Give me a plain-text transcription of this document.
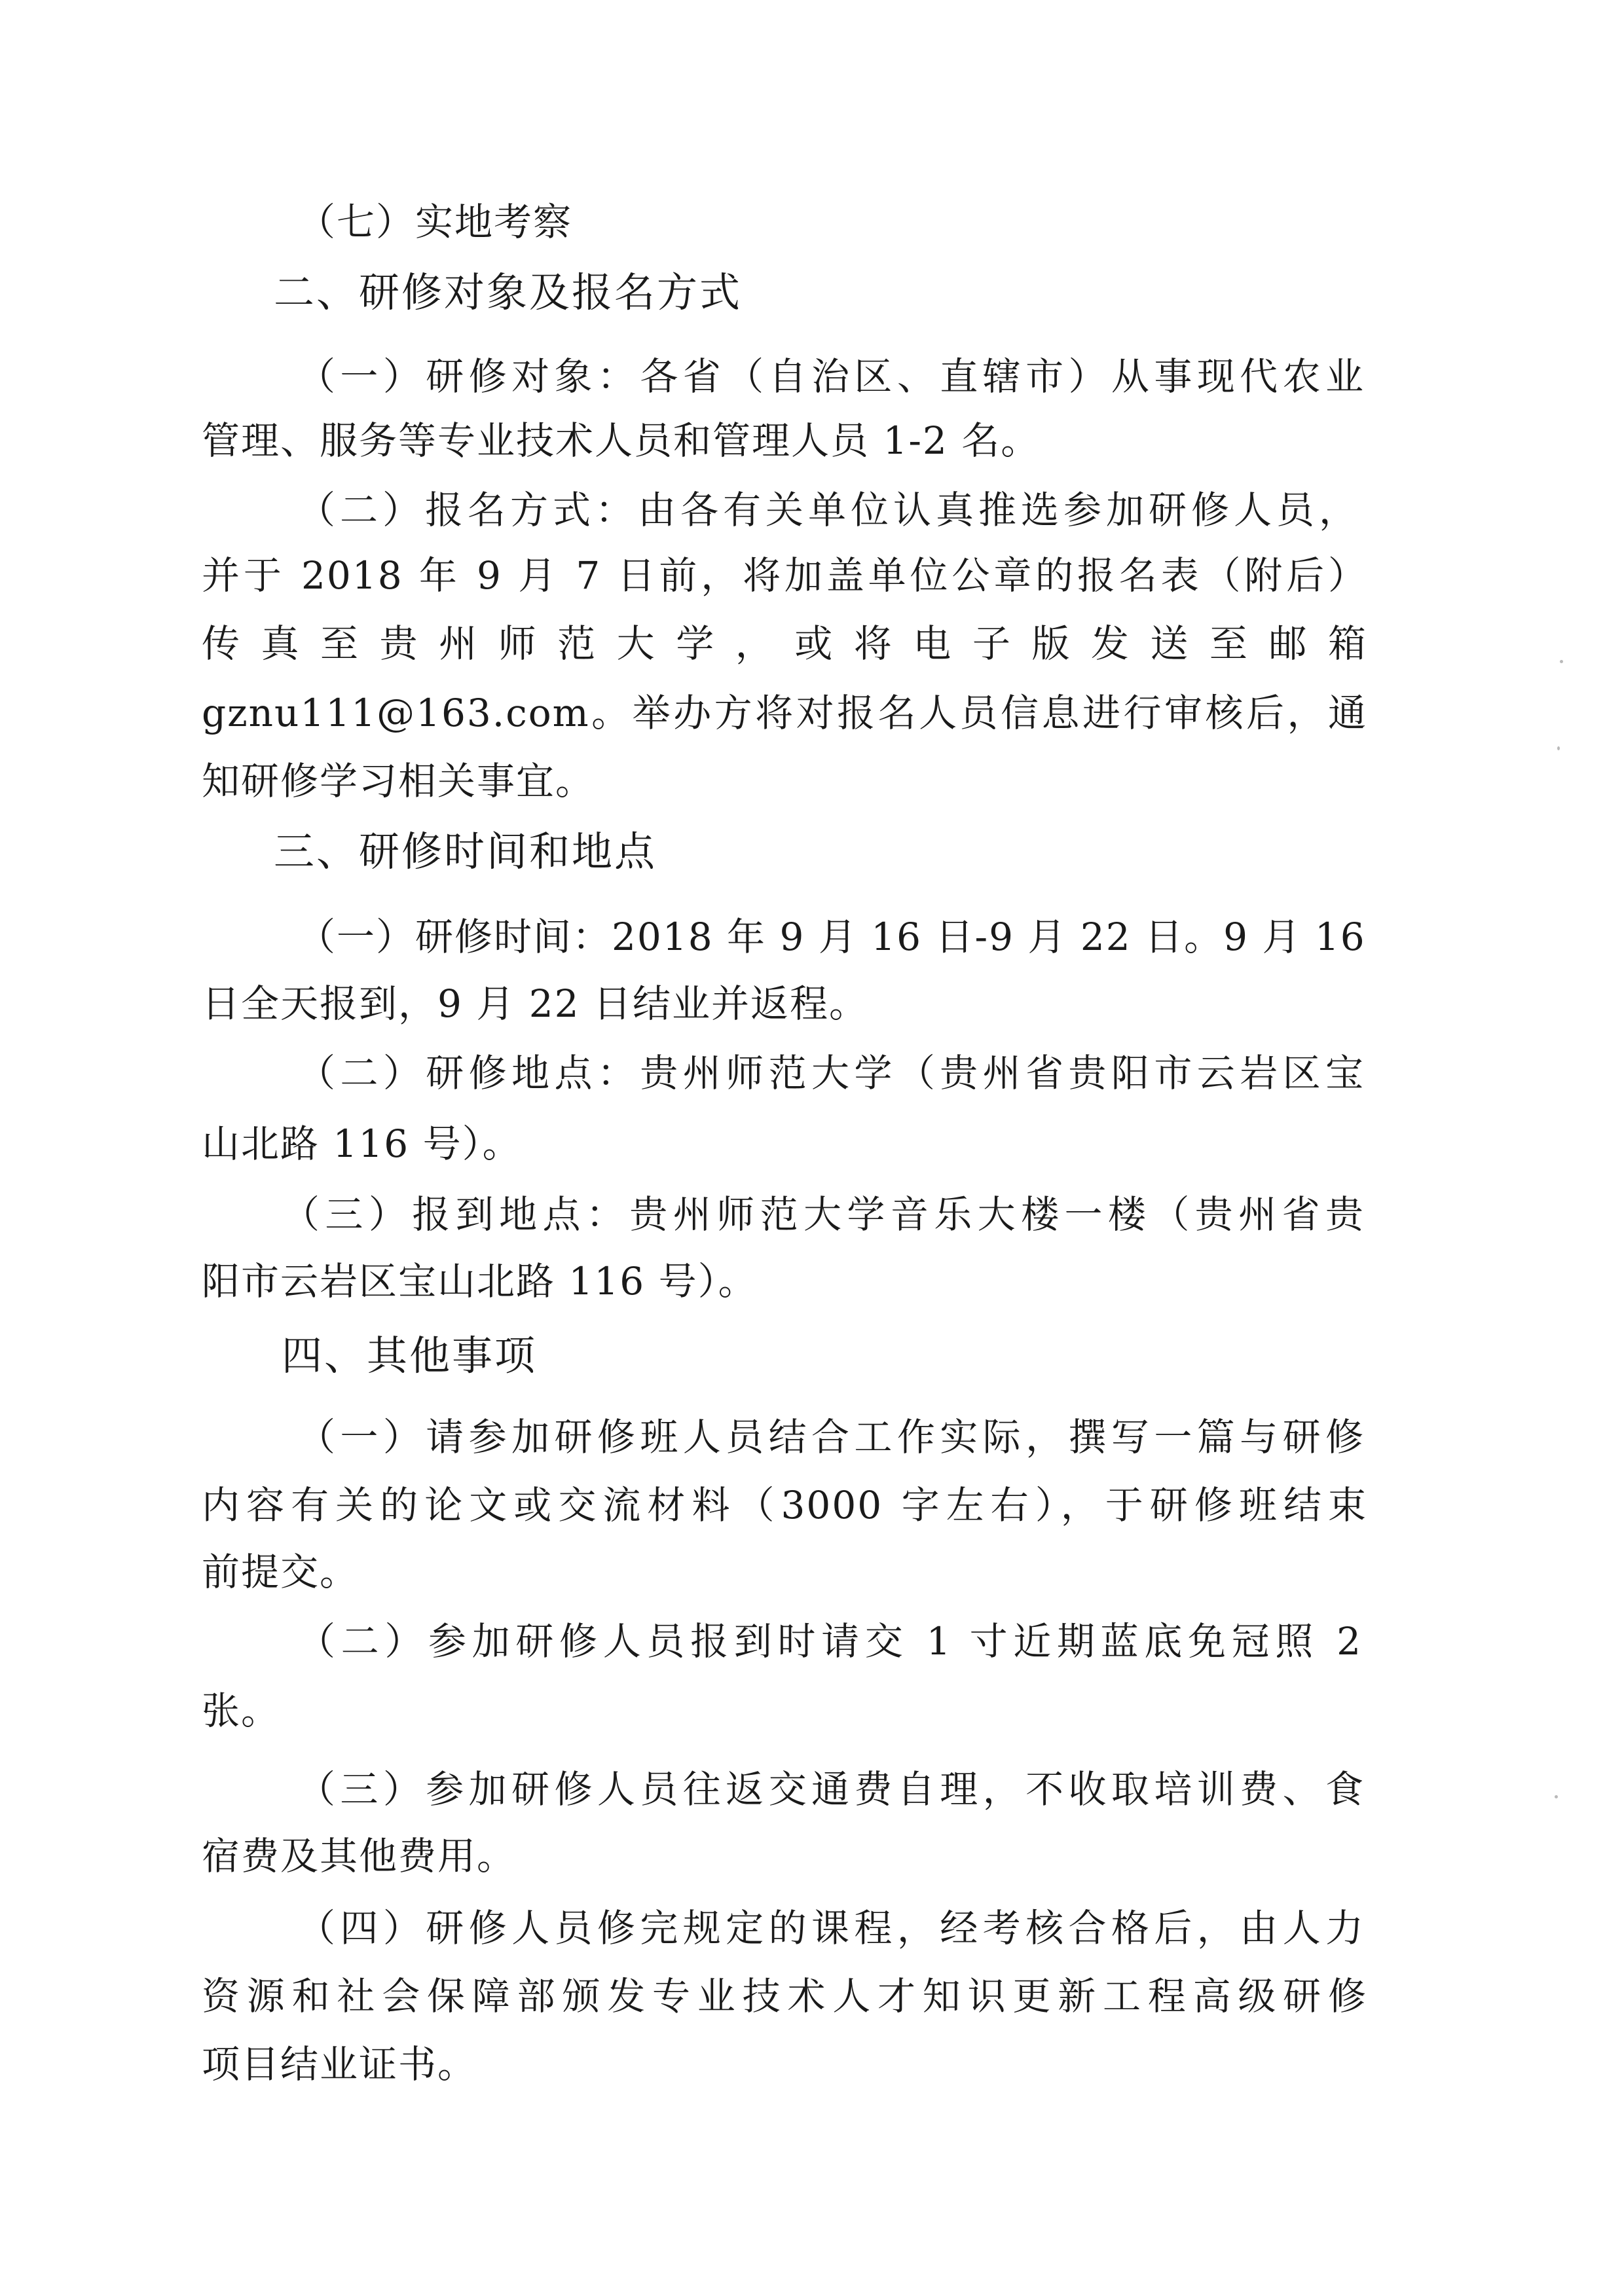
（七）实地考察
二、研修对象及报名方式
（一）研修对象：各省（自治区、直辖市）从事现代农业
管理、服务等专业技术人员和管理人员 1-2 名。
（二）报名方式：由各有关单位认真推选参加研修人员，
并于 2018 年 9 月 7 日前，将加盖单位公章的报名表（附后）
传真至贵州师范大学，或将电子版发送至邮箱
gznu111@163.com。举办方将对报名人员信息进行审核后，通
知研修学习相关事宜。
三、研修时间和地点
（一）研修时间：2018 年 9 月 16 日-9 月 22 日。9 月 16
日全天报到，9 月 22 日结业并返程。
（二）研修地点：贵州师范大学（贵州省贵阳市云岩区宝
山北路 116 号）。
（三）报到地点：贵州师范大学音乐大楼一楼（贵州省贵
阳市云岩区宝山北路 116 号）。
四、其他事项
（一）请参加研修班人员结合工作实际，撰写一篇与研修
内容有关的论文或交流材料（3000 字左右），于研修班结束
前提交。
（二）参加研修人员报到时请交 1 寸近期蓝底免冠照 2
张。
（三）参加研修人员往返交通费自理，不收取培训费、食
宿费及其他费用。
（四）研修人员修完规定的课程，经考核合格后，由人力
资源和社会保障部颁发专业技术人才知识更新工程高级研修
项目结业证书。
